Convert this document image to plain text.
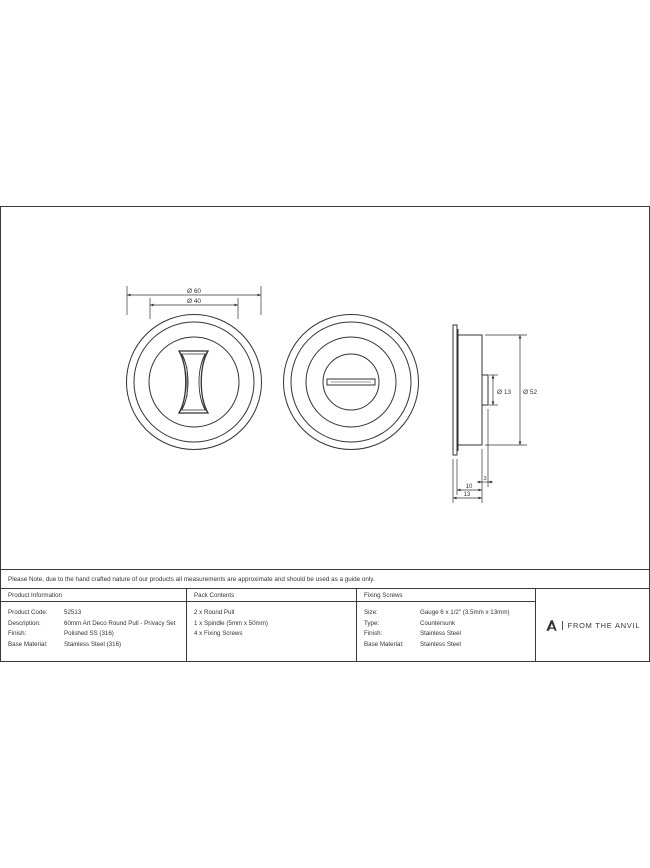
Ø 60
Ø 40
Ø 13 Ø 52
3
10
13
Please Note, due to the hand crafted nature of our products all measurements are approximate and should be used as a guide only.
Product Information
Product Code:	52513
Description:	60mm Art Deco Round Pull - Privacy Set
Finish:	Polished SS (316)
Base Material:	Stainless Steel (316)
Pack Contents
2 x Round Pull
1 x Spindle (5mm x 50mm)
4 x Fixing Screws
Fixing Screws
Size:	Gauge 6 x 1/2" (3.5mm x 13mm)
Type:	Countersunk
Finish:	Stainless Steel
Base Material:	Stainless Steel
FROM THE ANVIL
